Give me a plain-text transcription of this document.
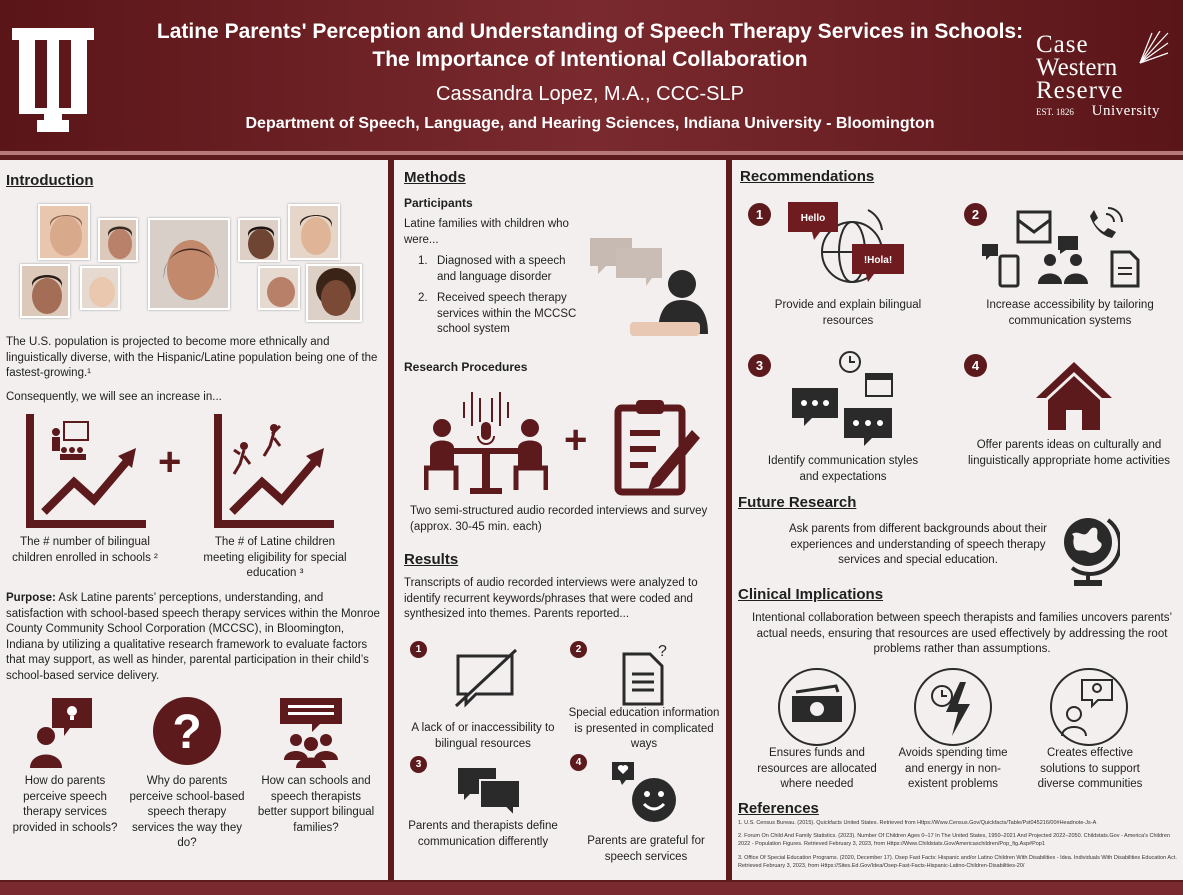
Latine Parents' Perception and Understanding of Speech Therapy Services in Schools:
The Importance of Intentional Collaboration
Cassandra Lopez, M.A., CCC-SLP
Department of Speech, Language, and Hearing Sciences, Indiana University - Bloomington
Case
Western
Reserve
EST. 1826 University
Introduction
The U.S. population is projected to become more ethnically and linguistically diverse, with the Hispanic/Latine population being one of the fastest-growing.¹
Consequently, we will see an increase in...
+
The # number of bilingual children enrolled in schools ²
The # of Latine children meeting eligibility for special education ³
Purpose: Ask Latine parents’ perceptions, understanding, and satisfaction with school-based speech therapy services within the Monroe County Community School Corporation (MCCSC), in Bloomington, Indiana by utilizing a qualitative research framework to evaluate factors that may support, as well as hinder, parental participation in their child’s school-based service delivery.
?
How do parents perceive speech therapy services provided in schools?
Why do parents perceive school-based speech therapy services the way they do?
How can schools and speech therapists better support bilingual families?
Methods
Participants
Latine families with children who were...
1. Diagnosed with a speech and language disorder
2. Received speech therapy services within the MCCSC school system
Research Procedures
+
Two semi-structured audio recorded interviews and survey (approx. 30-45 min. each)
Results
Transcripts of audio recorded interviews were analyzed to identify recurrent keywords/phrases that were coded and synthesized into themes. Parents reported...
1
A lack of or inaccessibility to bilingual resources
2	?
Special education information is presented in complicated ways
3
Parents and therapists define communication differently
4
Parents are grateful for speech services
Recommendations
1	Hello
!Hola!
Provide and explain bilingual resources
2
Increase accessibility by tailoring communication systems
3
Identify communication styles and expectations
4
Offer parents ideas on culturally and linguistically appropriate home activities
Future Research
Ask parents from different backgrounds about their experiences and understanding of speech therapy services and special education.
Clinical Implications
Intentional collaboration between speech therapists and families uncovers parents’ actual needs, ensuring that resources are used effectively by addressing the root problems rather than assumptions.
Ensures funds and resources are allocated where needed
Avoids spending time and energy in non-existent problems
Creates effective solutions to support diverse communities
References
1. U.S. Census Bureau. (2015). Quickfacts United States. Retrieved from Https://Www.Census.Gov/Quickfacts/Table/Pst045216/00#Headnote-Js-A
2. Forum On Child And Family Statistics. (2023). Number Of Children Ages 0–17 In The United States, 1950–2021 And Projected 2022–2050. Childstats.Gov - America's Children 2022 - Population Figures. Retrieved February 3, 2023, from Https://Www.Childstats.Gov/Americaschildren/Pop_fig.Asp#Pop1
3. Office Of Special Education Programs. (2020, December 17). Osep Fast Facts: Hispanic and/or Latino Children With Disabilities - Idea. Individuals With Disabilities Education Act. Retrieved February 3, 2023, from Https://Sites.Ed.Gov/Idea/Osep-Fast-Facts-Hispanic-Latino-Children-Disabilities-20/
